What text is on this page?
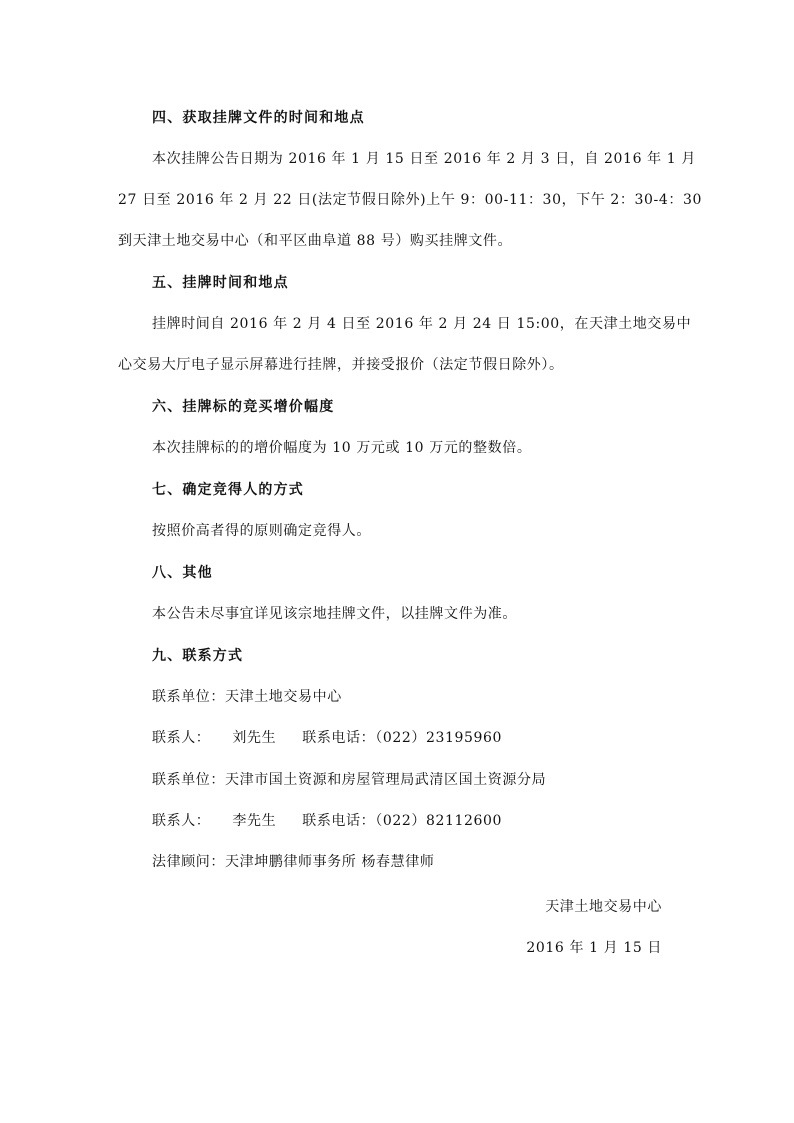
四、获取挂牌文件的时间和地点

本次挂牌公告日期为 2016 年 1 月 15 日至 2016 年 2 月 3 日，自 2016 年 1 月

27 日至 2016 年 2 月 22 日(法定节假日除外)上午 9：00-11：30，下午 2：30-4：30

到天津土地交易中心（和平区曲阜道 88 号）购买挂牌文件。

五、挂牌时间和地点

挂牌时间自 2016 年 2 月 4 日至 2016 年 2 月 24 日 15:00，在天津土地交易中

心交易大厅电子显示屏幕进行挂牌，并接受报价（法定节假日除外）。

六、挂牌标的竞买增价幅度

本次挂牌标的的增价幅度为 10 万元或 10 万元的整数倍。

七、确定竞得人的方式

按照价高者得的原则确定竞得人。

八、其他

本公告未尽事宜详见该宗地挂牌文件，以挂牌文件为准。

九、联系方式

联系单位：天津土地交易中心

联系人： 刘先生 联系电话：（022）23195960

联系单位：天津市国土资源和房屋管理局武清区国土资源分局

联系人： 李先生 联系电话：（022）82112600

法律顾问：天津坤鹏律师事务所 杨春慧律师

天津土地交易中心

2016 年 1 月 15 日
